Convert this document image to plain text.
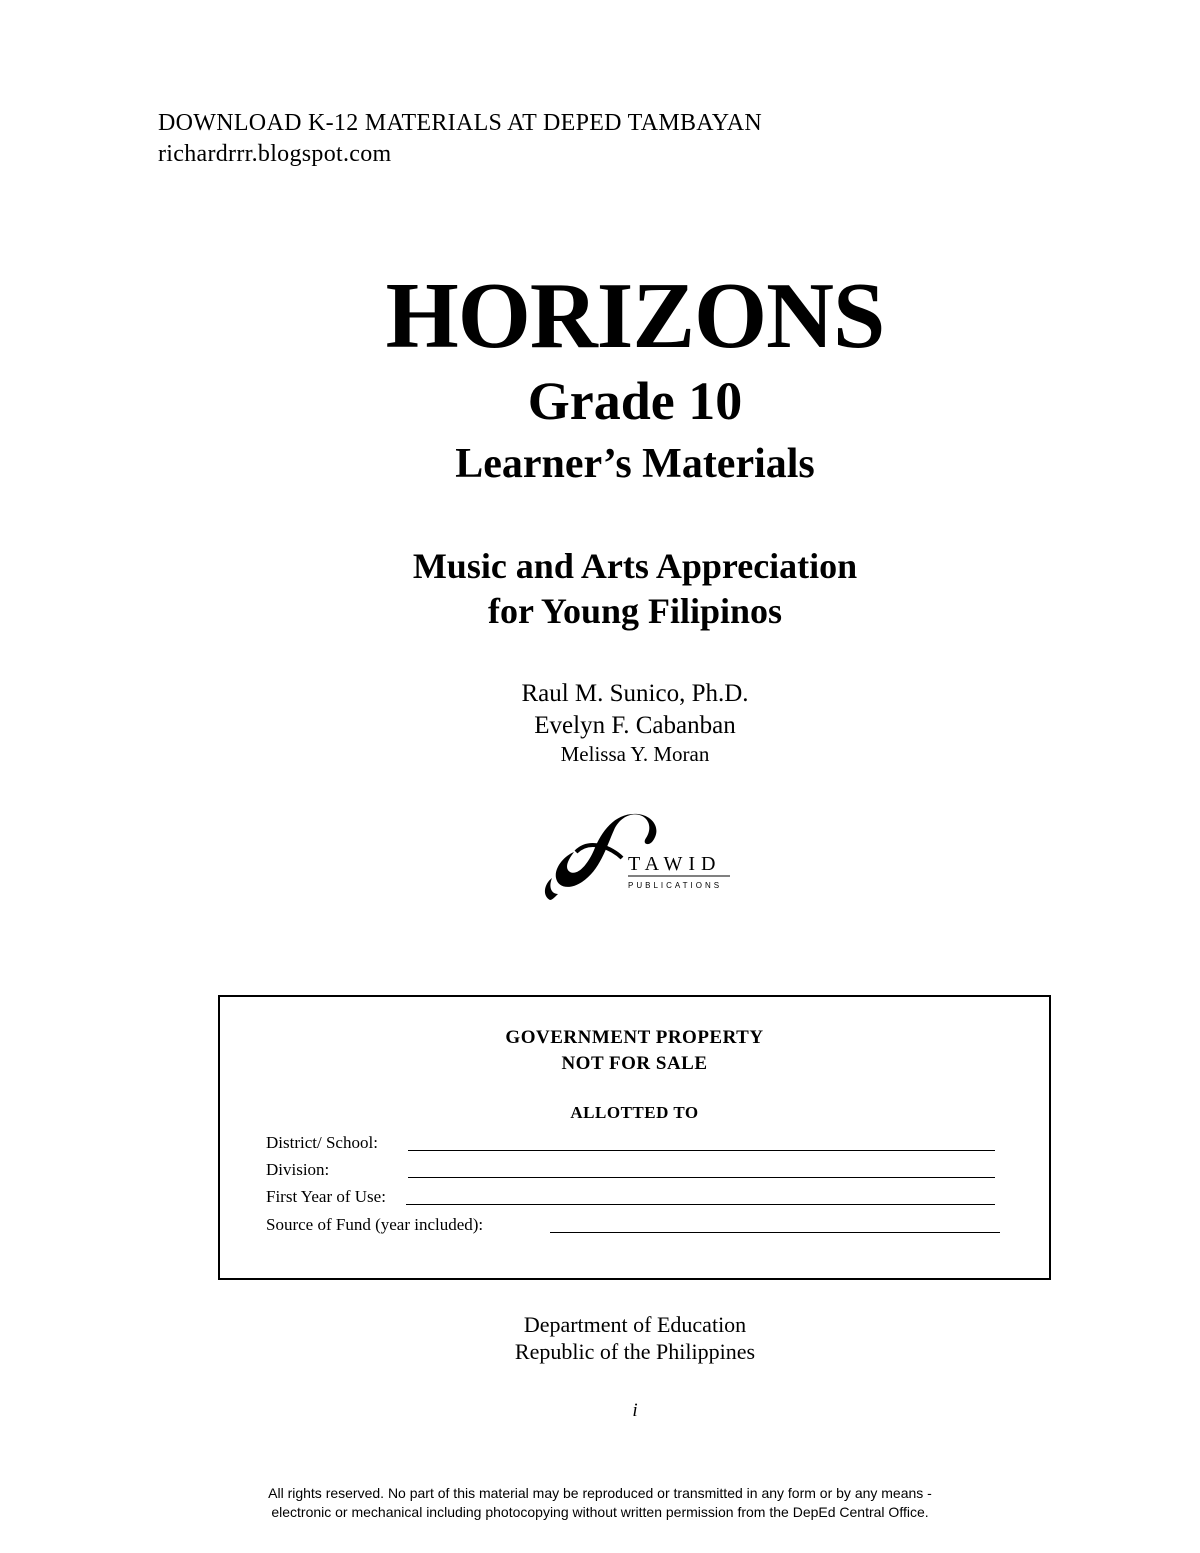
DOWNLOAD K-12 MATERIALS AT DEPED TAMBAYAN
richardrrr.blogspot.com
HORIZONS
Grade 10
Learner’s Materials
Music and Arts Appreciation
for Young Filipinos
Raul M. Sunico, Ph.D.
Evelyn F. Cabanban
Melissa Y. Moran
TAWID
PUBLICATIONS
GOVERNMENT PROPERTY
NOT FOR SALE
ALLOTTED TO
District/ School:
Division:
First Year of Use:
Source of Fund (year included):
Department of Education
Republic of the Philippines
i
All rights reserved. No part of this material may be reproduced or transmitted in any form or by any means -
electronic or mechanical including photocopying without written permission from the DepEd Central Office.
